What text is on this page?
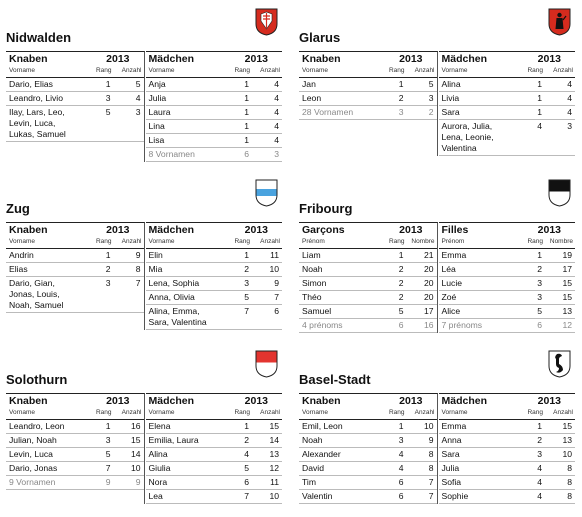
Nidwalden
Knaben	2013
Vorname	Rang Anzahl
Dario, Elias	1	5
Leandro, Livio	3	4
Ilay, Lars, Leo,
Levin, Luca,
Lukas, Samuel
5	3
Mädchen	2013
Vorname	Rang Anzahl
Anja	1	4
Julia	1	4
Laura	1	4
Lina	1	4
Lisa	1	4
8 Vornamen	6	3
Glarus
Knaben	2013
Vorname	Rang Anzahl
Jan	1	5
Leon	2	3
28 Vornamen	3	2
Mädchen	2013
Vorname	Rang Anzahl
Alina	1	4
Livia	1	4
Sara	1	4
Aurora, Julia,
Lena, Leonie,
Valentina
4	3
Zug
Knaben	2013
Vorname	Rang Anzahl
Andrin	1	9
Elias	2	8
Dario, Gian,
Jonas, Louis,
Noah, Samuel
3	7
Mädchen	2013
Vorname	Rang Anzahl
Elin	1 11
Mia	2 10
Lena, Sophia	3	9
Anna, Olivia	5	7
Alina, Emma,
Sara, Valentina
7	6
Fribourg
Garçons	2013
Prénom	Rang Nombre
Liam	1 21
Noah	2 20
Simon	2 20
Théo	2 20
Samuel	5 17
4 prénoms	6 16
Filles	2013
Prénom	Rang Nombre
Emma	1 19
Léa	2 17
Lucie	3 15
Zoé	3 15
Alice	5 13
7 prénoms	6 12
Solothurn
Knaben	2013
Vorname	Rang Anzahl
Leandro, Leon	1 16
Julian, Noah	3 15
Levin, Luca	5 14
Dario, Jonas	7 10
9 Vornamen	9	9
Mädchen	2013
Vorname	Rang Anzahl
Elena	1 15
Emilia, Laura	2 14
Alina	4 13
Giulia	5 12
Nora	6 11
Lea	7 10
Basel-Stadt
Knaben	2013
Vorname	Rang Anzahl
Emil, Leon	1 10
Noah	3	9
Alexander	4	8
David	4	8
Tim	6	7
Valentin	6	7
Mädchen	2013
Vorname	Rang Anzahl
Emma	1 15
Anna	2 13
Sara	3 10
Julia	4	8
Sofia	4	8
Sophie	4	8
